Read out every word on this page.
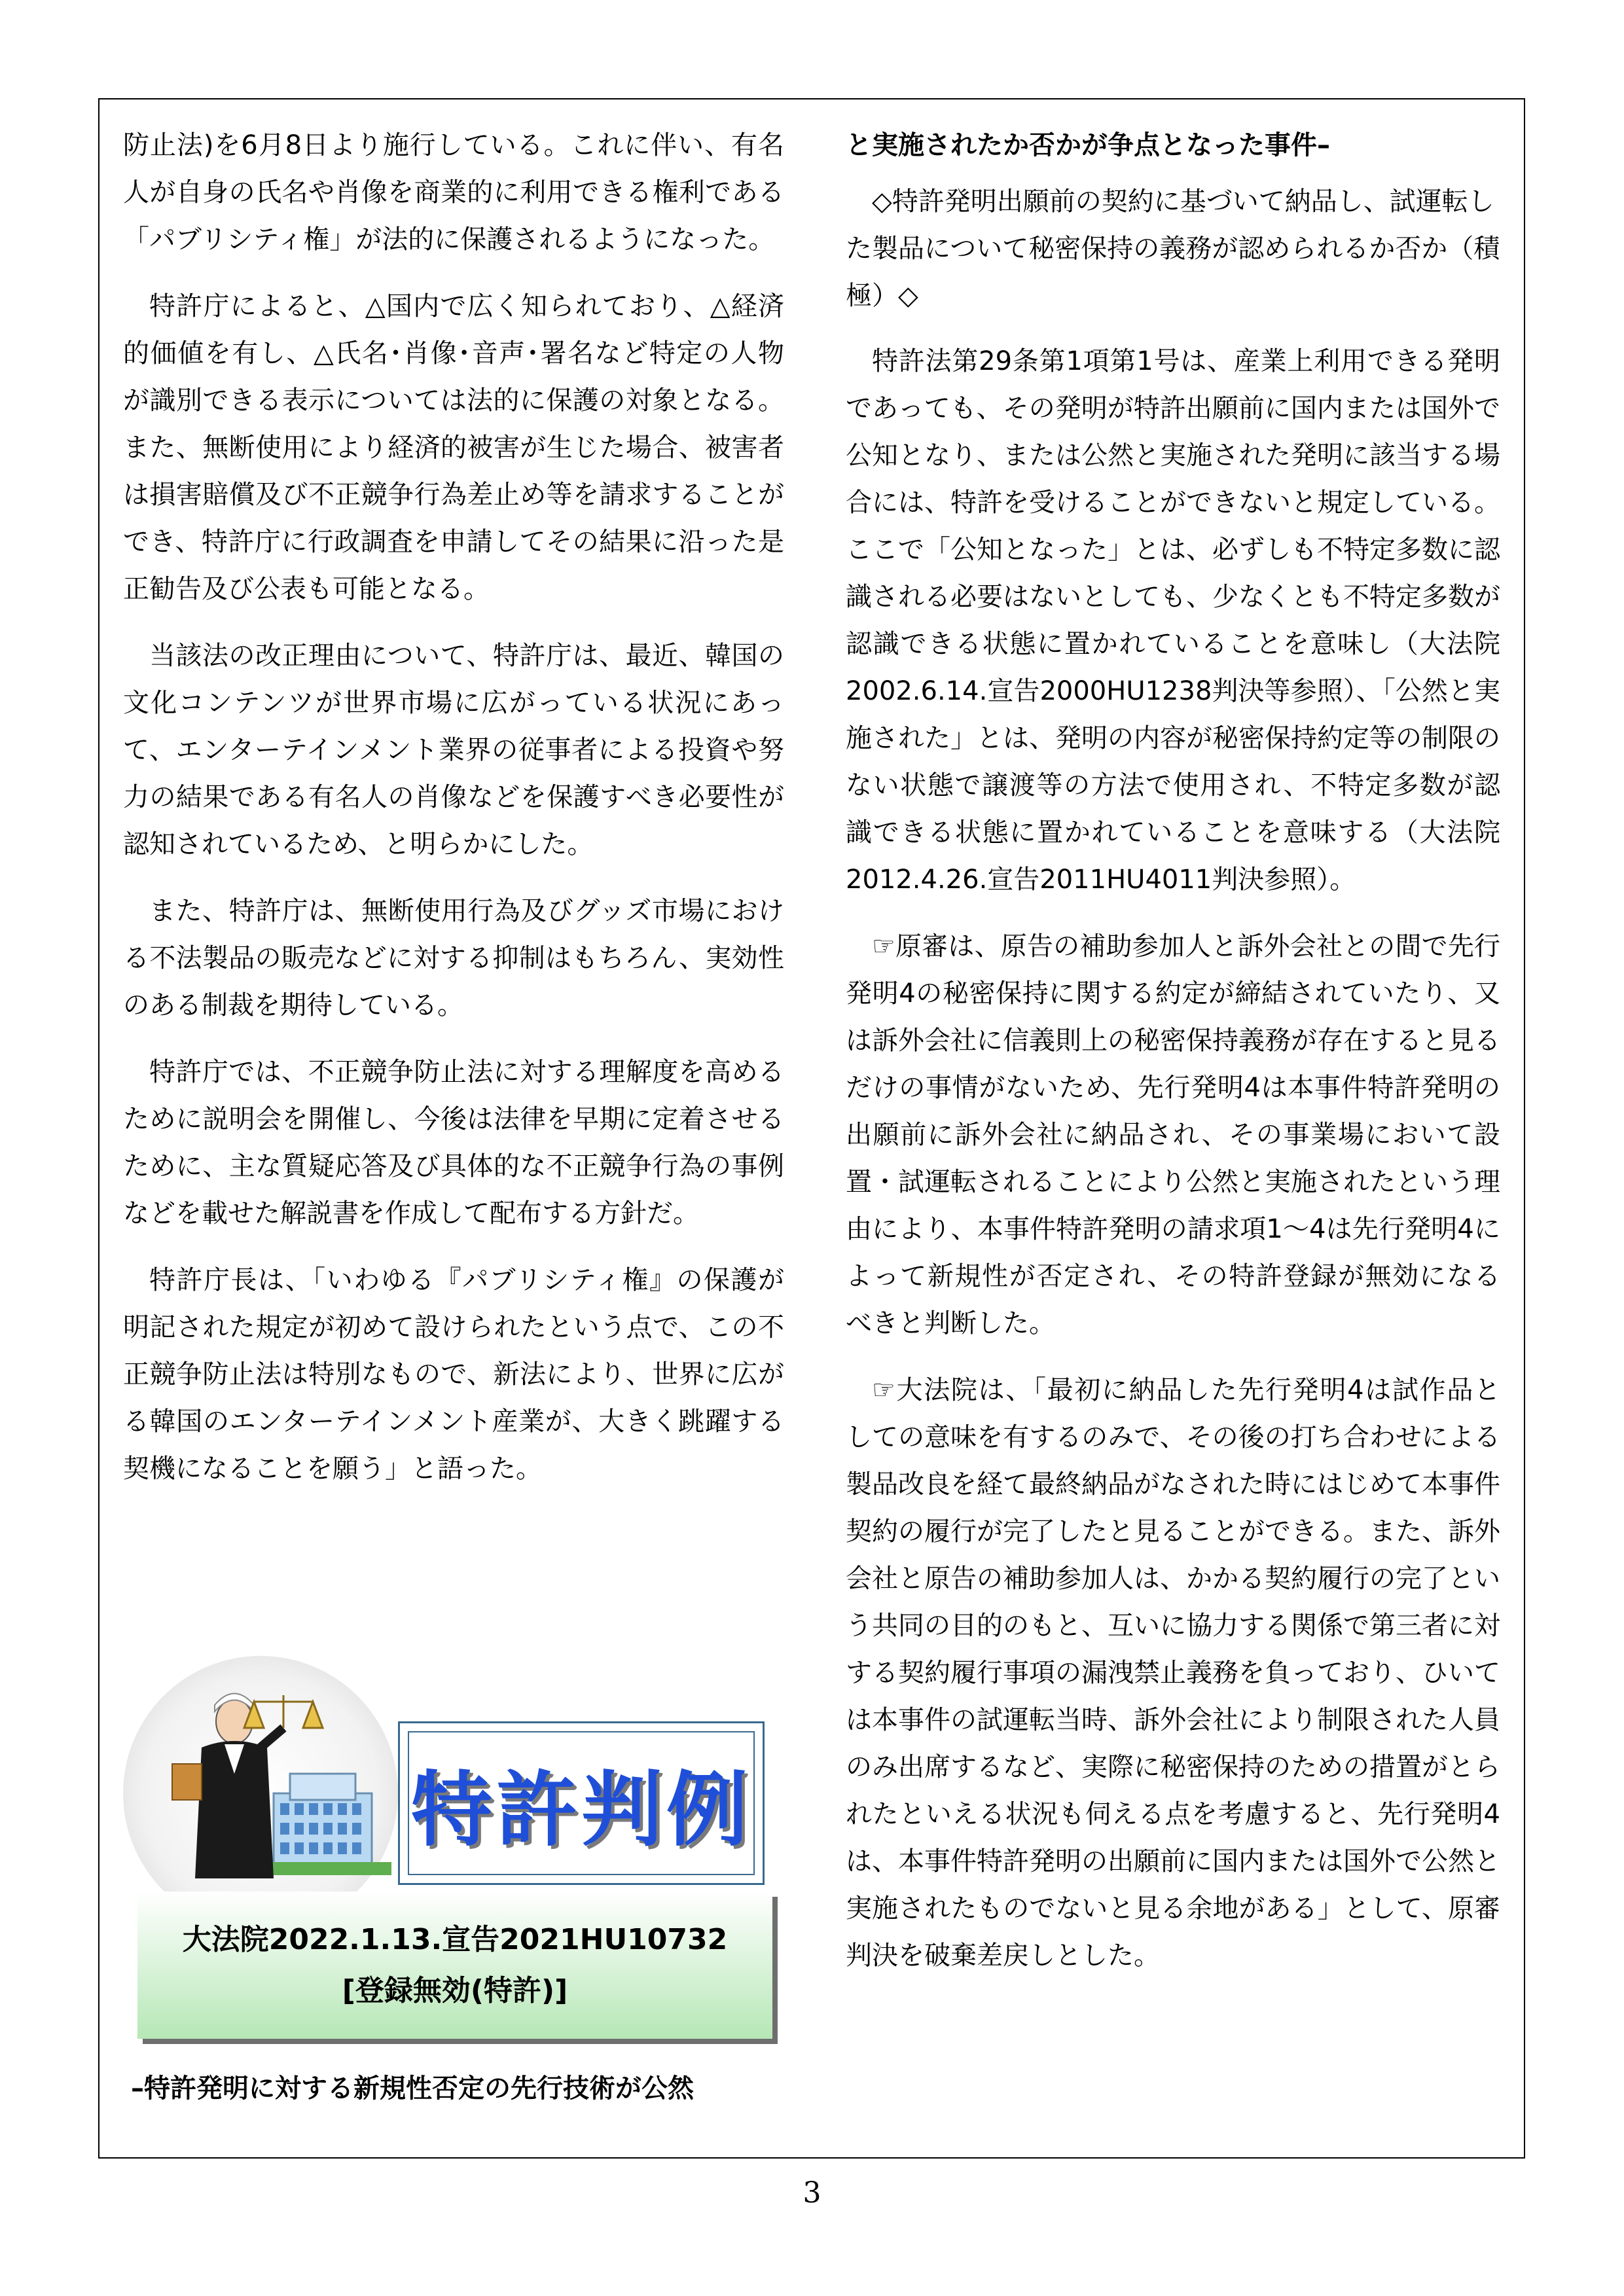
防止法)を6月8日より施行している。これに伴い、有名人が自身の氏名や肖像を商業的に利用できる権利である「パブリシティ権」が法的に保護されるようになった。

特許庁によると、△国内で広く知られており、△経済的価値を有し、△氏名･肖像･音声･署名など特定の人物が識別できる表示については法的に保護の対象となる。また、無断使用により経済的被害が生じた場合、被害者は損害賠償及び不正競争行為差止め等を請求することができ、特許庁に行政調査を申請してその結果に沿った是正勧告及び公表も可能となる。

当該法の改正理由について、特許庁は、最近、韓国の文化コンテンツが世界市場に広がっている状況にあって、エンターテインメント業界の従事者による投資や努力の結果である有名人の肖像などを保護すべき必要性が認知されているため、と明らかにした。

また、特許庁は、無断使用行為及びグッズ市場における不法製品の販売などに対する抑制はもちろん、実効性のある制裁を期待している。

特許庁では、不正競争防止法に対する理解度を高めるために説明会を開催し、今後は法律を早期に定着させるために、主な質疑応答及び具体的な不正競争行為の事例などを載せた解説書を作成して配布する方針だ。

特許庁長は、「いわゆる『パブリシティ権』の保護が明記された規定が初めて設けられたという点で、この不正競争防止法は特別なもので、新法により、世界に広がる韓国のエンターテインメント産業が、大きく跳躍する契機になることを願う」と語った。

特許判例
大法院2022.1.13.宣告2021HU10732
[登録無効(特許)]
–特許発明に対する新規性否定の先行技術が公然

と実施されたか否かが争点となった事件–

◇特許発明出願前の契約に基づいて納品し、試運転した製品について秘密保持の義務が認められるか否か（積極）◇

特許法第29条第1項第1号は、産業上利用できる発明であっても、その発明が特許出願前に国内または国外で公知となり、または公然と実施された発明に該当する場合には、特許を受けることができないと規定している。ここで「公知となった」とは、必ずしも不特定多数に認識される必要はないとしても、少なくとも不特定多数が認識できる状態に置かれていることを意味し（大法院2002.6.14.宣告2000HU1238判決等参照）、「公然と実施された」とは、発明の内容が秘密保持約定等の制限のない状態で譲渡等の方法で使用され、不特定多数が認識できる状態に置かれていることを意味する（大法院2012.4.26.宣告2011HU4011判決参照）。

☞原審は、原告の補助参加人と訴外会社との間で先行発明4の秘密保持に関する約定が締結されていたり、又は訴外会社に信義則上の秘密保持義務が存在すると見るだけの事情がないため、先行発明4は本事件特許発明の出願前に訴外会社に納品され、その事業場において設置・試運転されることにより公然と実施されたという理由により、本事件特許発明の請求項1～4は先行発明4によって新規性が否定され、その特許登録が無効になるべきと判断した。

☞大法院は、「最初に納品した先行発明4は試作品としての意味を有するのみで、その後の打ち合わせによる製品改良を経て最終納品がなされた時にはじめて本事件契約の履行が完了したと見ることができる。また、訴外会社と原告の補助参加人は、かかる契約履行の完了という共同の目的のもと、互いに協力する関係で第三者に対する契約履行事項の漏洩禁止義務を負っており、ひいては本事件の試運転当時、訴外会社により制限された人員のみ出席するなど、実際に秘密保持のための措置がとられたといえる状況も伺える点を考慮すると、先行発明4は、本事件特許発明の出願前に国内または国外で公然と実施されたものでないと見る余地がある」として、原審判決を破棄差戻しとした。

3
